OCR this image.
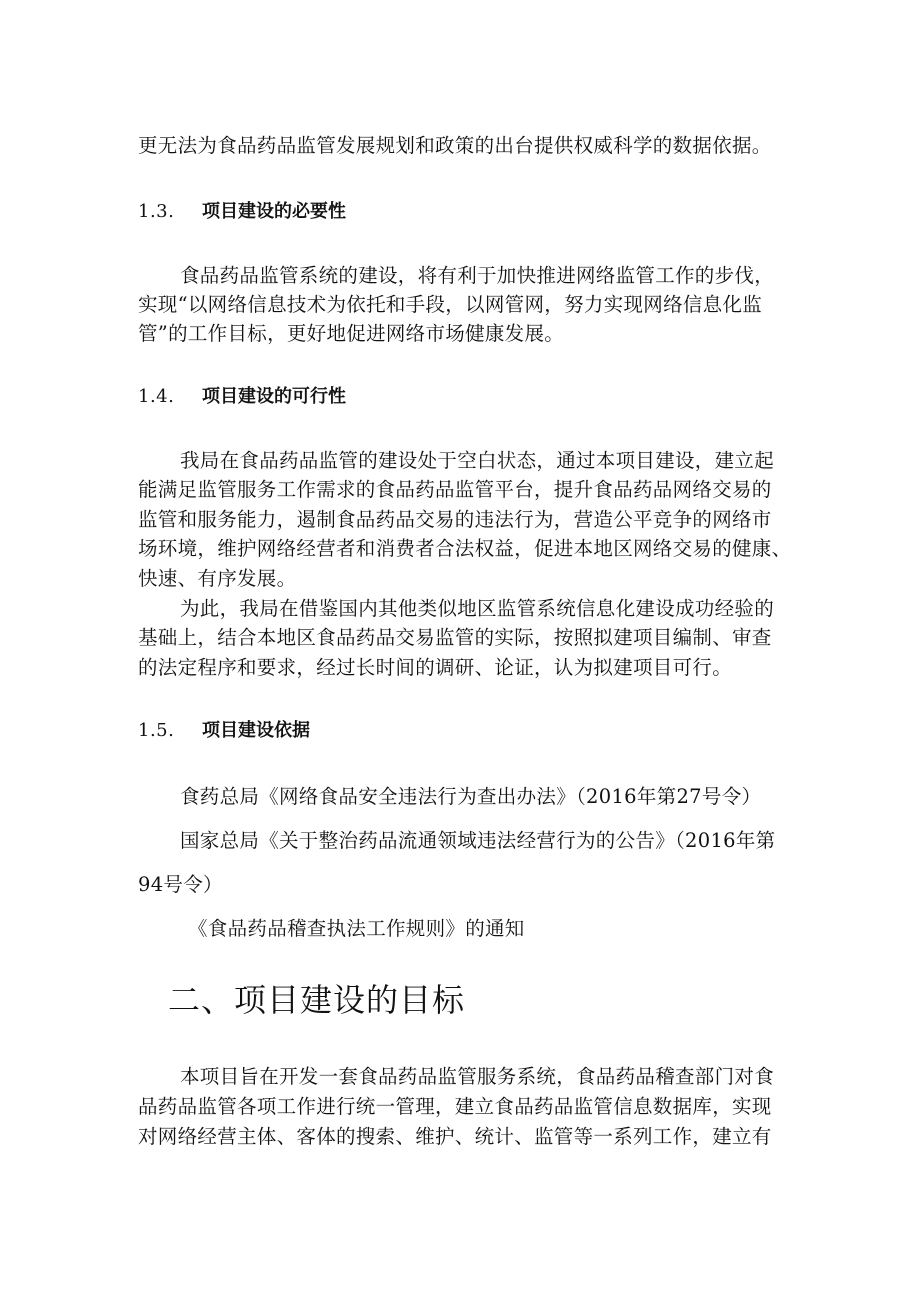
更无法为食品药品监管发展规划和政策的出台提供权威科学的数据依据。

1.3. 项目建设的必要性

食品药品监管系统的建设，将有利于加快推进网络监管工作的步伐，

实现“以网络信息技术为依托和手段，以网管网，努力实现网络信息化监

管”的工作目标，更好地促进网络市场健康发展。

1.4. 项目建设的可行性

我局在食品药品监管的建设处于空白状态，通过本项目建设，建立起

能满足监管服务工作需求的食品药品监管平台，提升食品药品网络交易的

监管和服务能力，遏制食品药品交易的违法行为，营造公平竞争的网络市

场环境，维护网络经营者和消费者合法权益，促进本地区网络交易的健康、

快速、有序发展。

为此，我局在借鉴国内其他类似地区监管系统信息化建设成功经验的

基础上，结合本地区食品药品交易监管的实际，按照拟建项目编制、审查

的法定程序和要求，经过长时间的调研、论证，认为拟建项目可行。

1.5. 项目建设依据

食药总局《网络食品安全违法行为查出办法》（2016年第27号令）

国家总局《关于整治药品流通领域违法经营行为的公告》（2016年第

94号令）

《食品药品稽查执法工作规则》的通知

二、项目建设的目标

本项目旨在开发一套食品药品监管服务系统，食品药品稽查部门对食

品药品监管各项工作进行统一管理，建立食品药品监管信息数据库，实现

对网络经营主体、客体的搜索、维护、统计、监管等一系列工作，建立有
